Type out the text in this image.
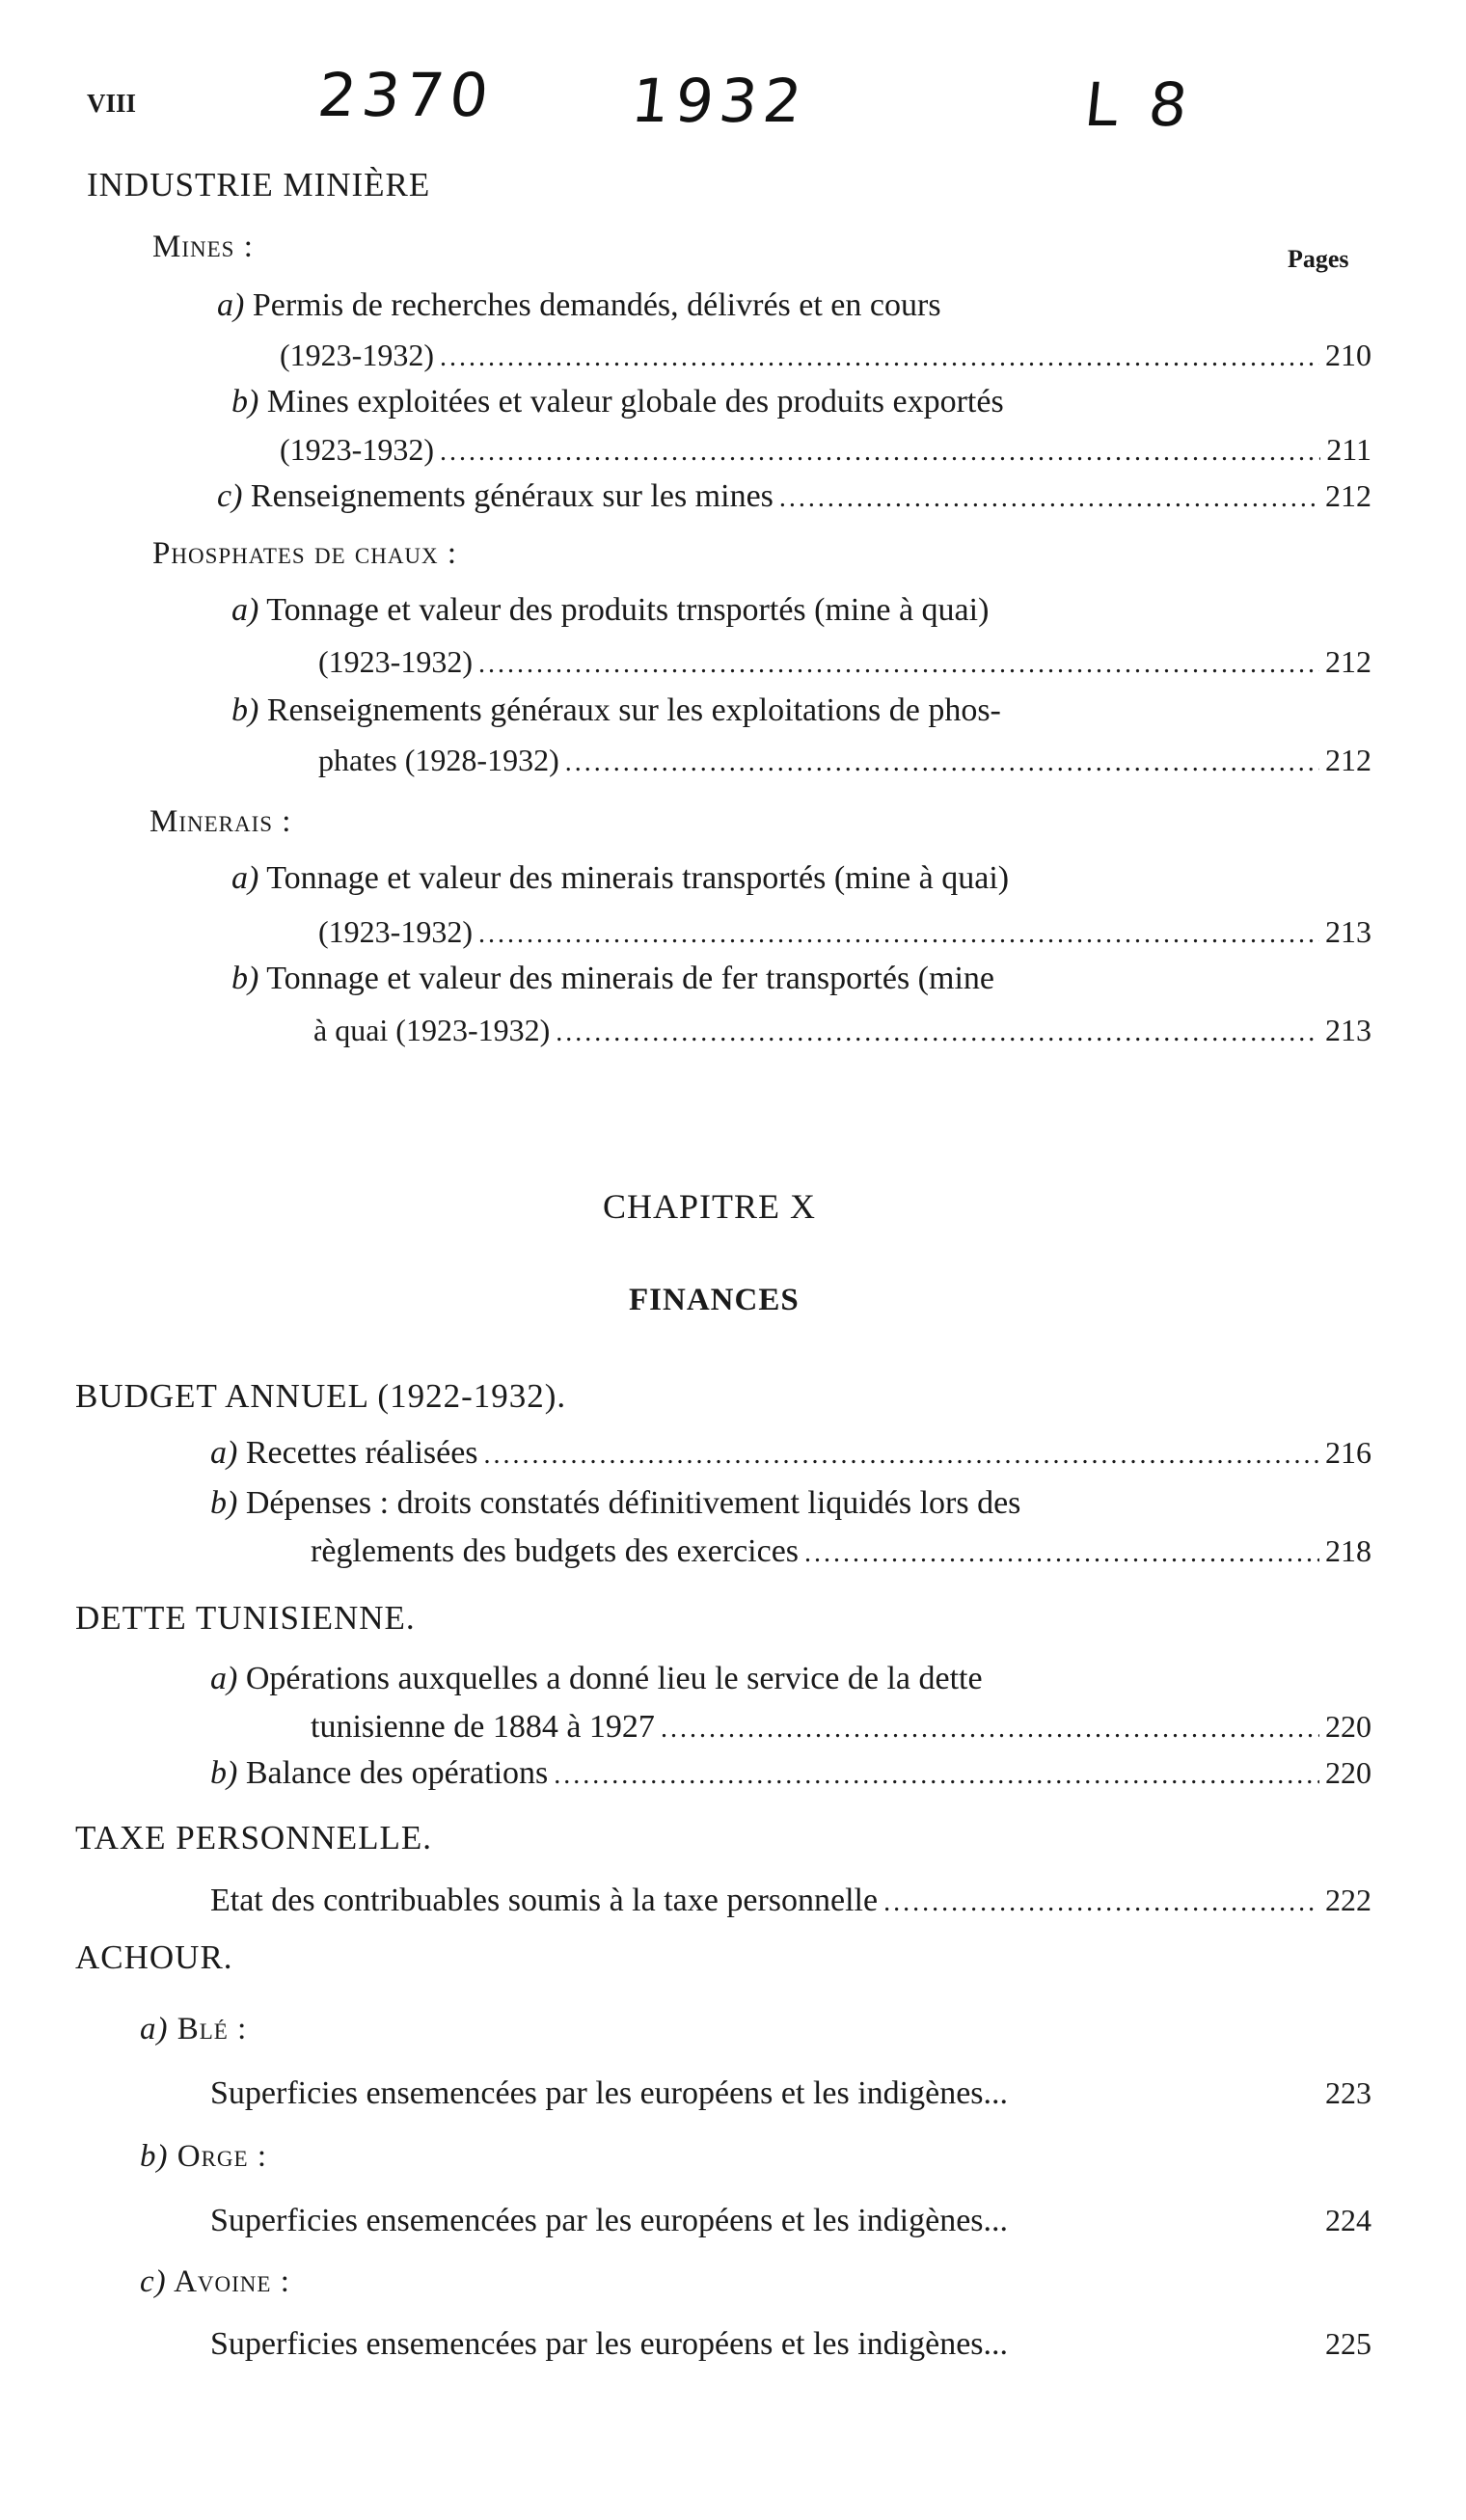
VIII	2370 1932	L 8
INDUSTRIE MINIÈRE
Mines :	Pages
a) Permis de recherches demandés, délivrés et en cours
(1923-1932) .....	210
b) Mines exploitées et valeur globale des produits exportés
(1923-1932) .....	211
c) Renseignements généraux sur les mines .....	212
Phosphates de chaux :
a) Tonnage et valeur des produits trnsportés (mine à quai)
(1923-1932) .....	212
b) Renseignements généraux sur les exploitations de phos-
phates (1928-1932) .....	212
Minerais :
a) Tonnage et valeur des minerais transportés (mine à quai)
(1923-1932) .....	213
b) Tonnage et valeur des minerais de fer transportés (mine
à quai (1923-1932) .....	213
CHAPITRE X
FINANCES
BUDGET ANNUEL (1922-1932).
a) Recettes réalisées .....	216
b) Dépenses : droits constatés définitivement liquidés lors des
règlements des budgets des exercices .....	218
DETTE TUNISIENNE.
a) Opérations auxquelles a donné lieu le service de la dette
tunisienne de 1884 à 1927 .....	220
b) Balance des opérations .....	220
TAXE PERSONNELLE.
Etat des contribuables soumis à la taxe personnelle .....	222
ACHOUR.
a) Blé :
Superficies ensemencées par les européens et les indigènes...	223
b) Orge :
Superficies ensemencées par les européens et les indigènes...	224
c) Avoine :
Superficies ensemencées par les européens et les indigènes...	225
